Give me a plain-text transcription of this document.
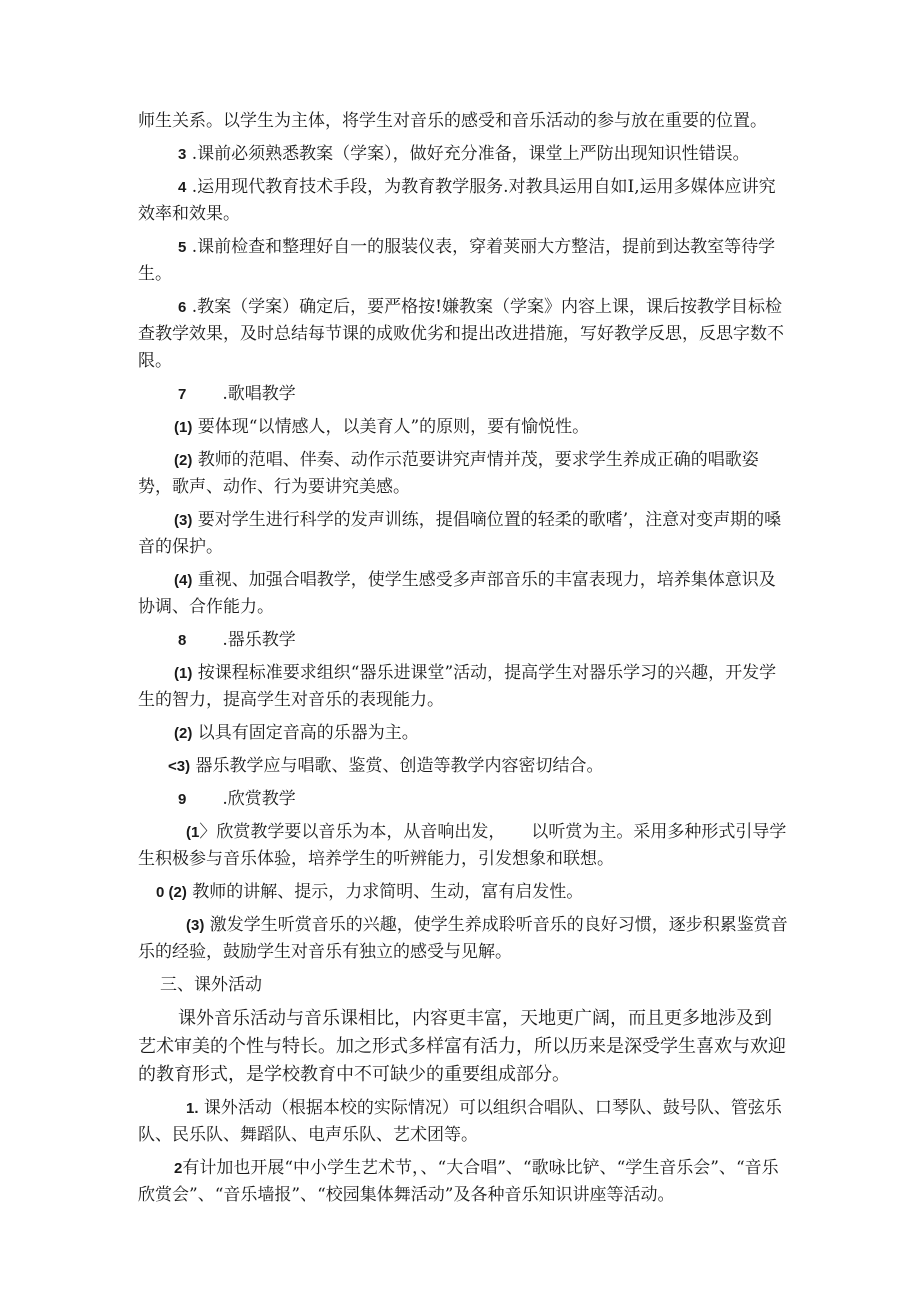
师生关系。以学生为主体，将学生对音乐的感受和音乐活动的参与放在重要的位置。

3 .课前必须熟悉教案（学案），做好充分准备，课堂上严防出现知识性错误。

4 .运用现代教育技术手段，为教育教学服务.对教具运用自如I,运用多媒体应讲究效率和效果。

5 .课前检查和整理好自一的服装仪表，穿着荚丽大方整洁，提前到达教室等待学生。

6 .教案（学案）确定后，要严格按!嫌教案（学案》内容上课，课后按教学目标检查教学效果，及时总结每节课的成败优劣和提出改进措施，写好教学反思，反思字数不限。

7 .歌唱教学

(1) 要体现“以情感人，以美育人”的原则，要有愉悦性。

(2) 教师的范唱、伴奏、动作示范要讲究声情并茂，要求学生养成正确的唱歌姿势，歌声、动作、行为要讲究美感。

(3) 要对学生进行科学的发声训练，提倡嘀位置的轻柔的歌嗜’，注意对变声期的嗓音的保护。

(4) 重视、加强合唱教学，使学生感受多声部音乐的丰富表现力，培养集体意识及协调、合作能力。

8 .器乐教学

(1) 按课程标准要求组织“器乐进课堂”活动，提高学生对器乐学习的兴趣，开发学生的智力，提高学生对音乐的表现能力。

(2) 以具有固定音高的乐器为主。

<3) 器乐教学应与唱歌、鉴赏、创造等教学内容密切结合。

9 .欣赏教学

(1〉欣赏教学要以音乐为本，从音响出发， 以听赏为主。采用多种形式引导学生积极参与音乐体验，培养学生的听辨能力，引发想象和联想。

0 (2) 教师的讲解、提示，力求简明、生动，富有启发性。

(3) 激发学生听赏音乐的兴趣，使学生养成聆听音乐的良好习惯，逐步积累鉴赏音乐的经验，鼓励学生对音乐有独立的感受与见解。

三、课外活动

课外音乐活动与音乐课相比，内容更丰富，天地更广阔，而且更多地涉及到艺术审美的个性与特长。加之形式多样富有活力，所以历来是深受学生喜欢与欢迎的教育形式，是学校教育中不可缺少的重要组成部分。

1. 课外活动（根据本校的实际情况）可以组织合唱队、口琴队、鼓号队、管弦乐队、民乐队、舞蹈队、电声乐队、艺术团等。

2有计加也开展“中小学生艺术节，、“大合唱”、“歌咏比铲、“学生音乐会”、“音乐欣赏会”、“音乐墙报”、“校园集体舞活动”及各种音乐知识讲座等活动。
